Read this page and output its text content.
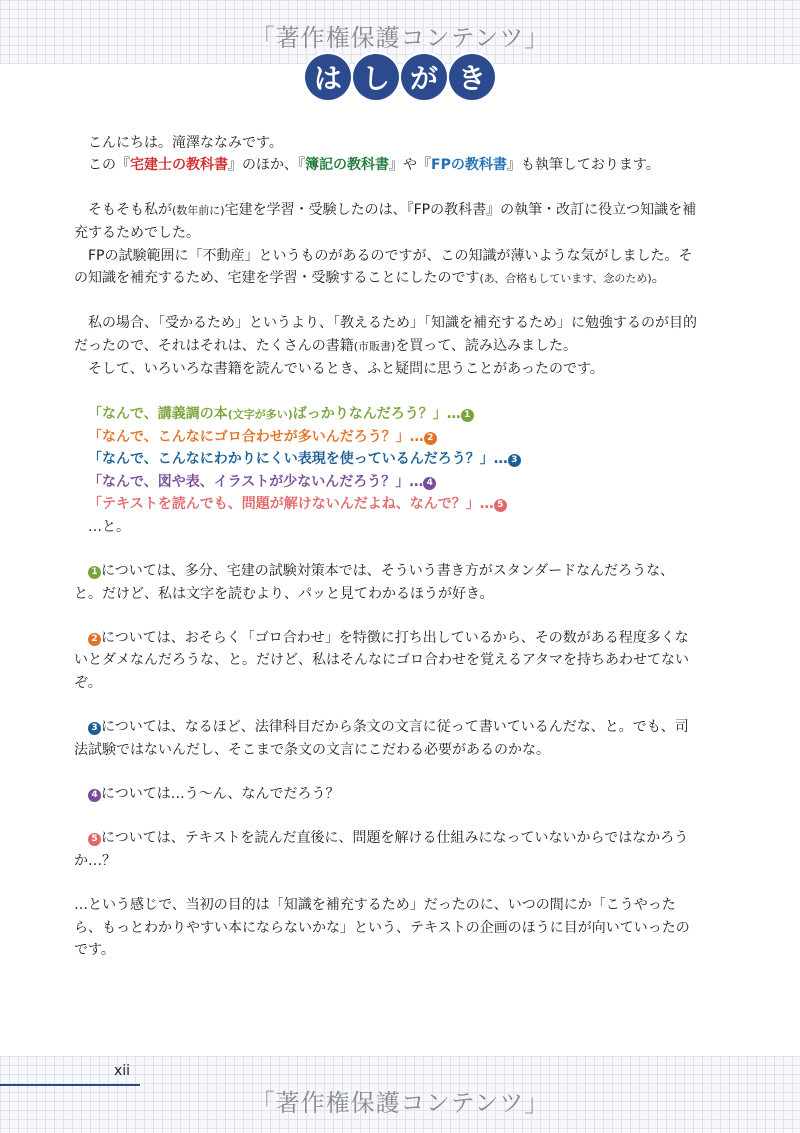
「著作権保護コンテンツ」
は し が き

こんにちは。滝澤ななみです。

この『宅建士の教科書』のほか、『簿記の教科書』や『FPの教科書』も執筆しております。

そもそも私が(数年前に)宅建を学習・受験したのは、『FPの教科書』の執筆・改訂に役立つ知識を補充するためでした。

FPの試験範囲に「不動産」というものがあるのですが、この知識が薄いような気がしました。その知識を補充するため、宅建を学習・受験することにしたのです(あ、合格もしています、念のため)。

私の場合、「受かるため」というより、「教えるため」「知識を補充するため」に勉強するのが目的だったので、それはそれは、たくさんの書籍(市販書)を買って、読み込みました。

そして、いろいろな書籍を読んでいるとき、ふと疑問に思うことがあったのです。

「なんで、講義調の本(文字が多い)ばっかりなんだろう？」… 1

「なんで、こんなにゴロ合わせが多いんだろう？」… 2

「なんで、こんなにわかりにくい表現を使っているんだろう？」… 3

「なんで、図や表、イラストが少ないんだろう？」… 4

「テキストを読んでも、問題が解けないんだよね、なんで？」… 5

…と。

1 については、多分、宅建の試験対策本では、そういう書き方がスタンダードなんだろうな、と。だけど、私は文字を読むより、パッと見てわかるほうが好き。

2 については、おそらく「ゴロ合わせ」を特徴に打ち出しているから、その数がある程度多くないとダメなんだろうな、と。だけど、私はそんなにゴロ合わせを覚えるアタマを持ちあわせてないぞ。

3 については、なるほど、法律科目だから条文の文言に従って書いているんだな、と。でも、司法試験ではないんだし、そこまで条文の文言にこだわる必要があるのかな。

4 については…う～ん、なんでだろう？

5 については、テキストを読んだ直後に、問題を解ける仕組みになっていないからではなかろうか…？

…という感じで、当初の目的は「知識を補充するため」だったのに、いつの間にか「こうやったら、もっとわかりやすい本にならないかな」という、テキストの企画のほうに目が向いていったのです。

xii
「著作権保護コンテンツ」
